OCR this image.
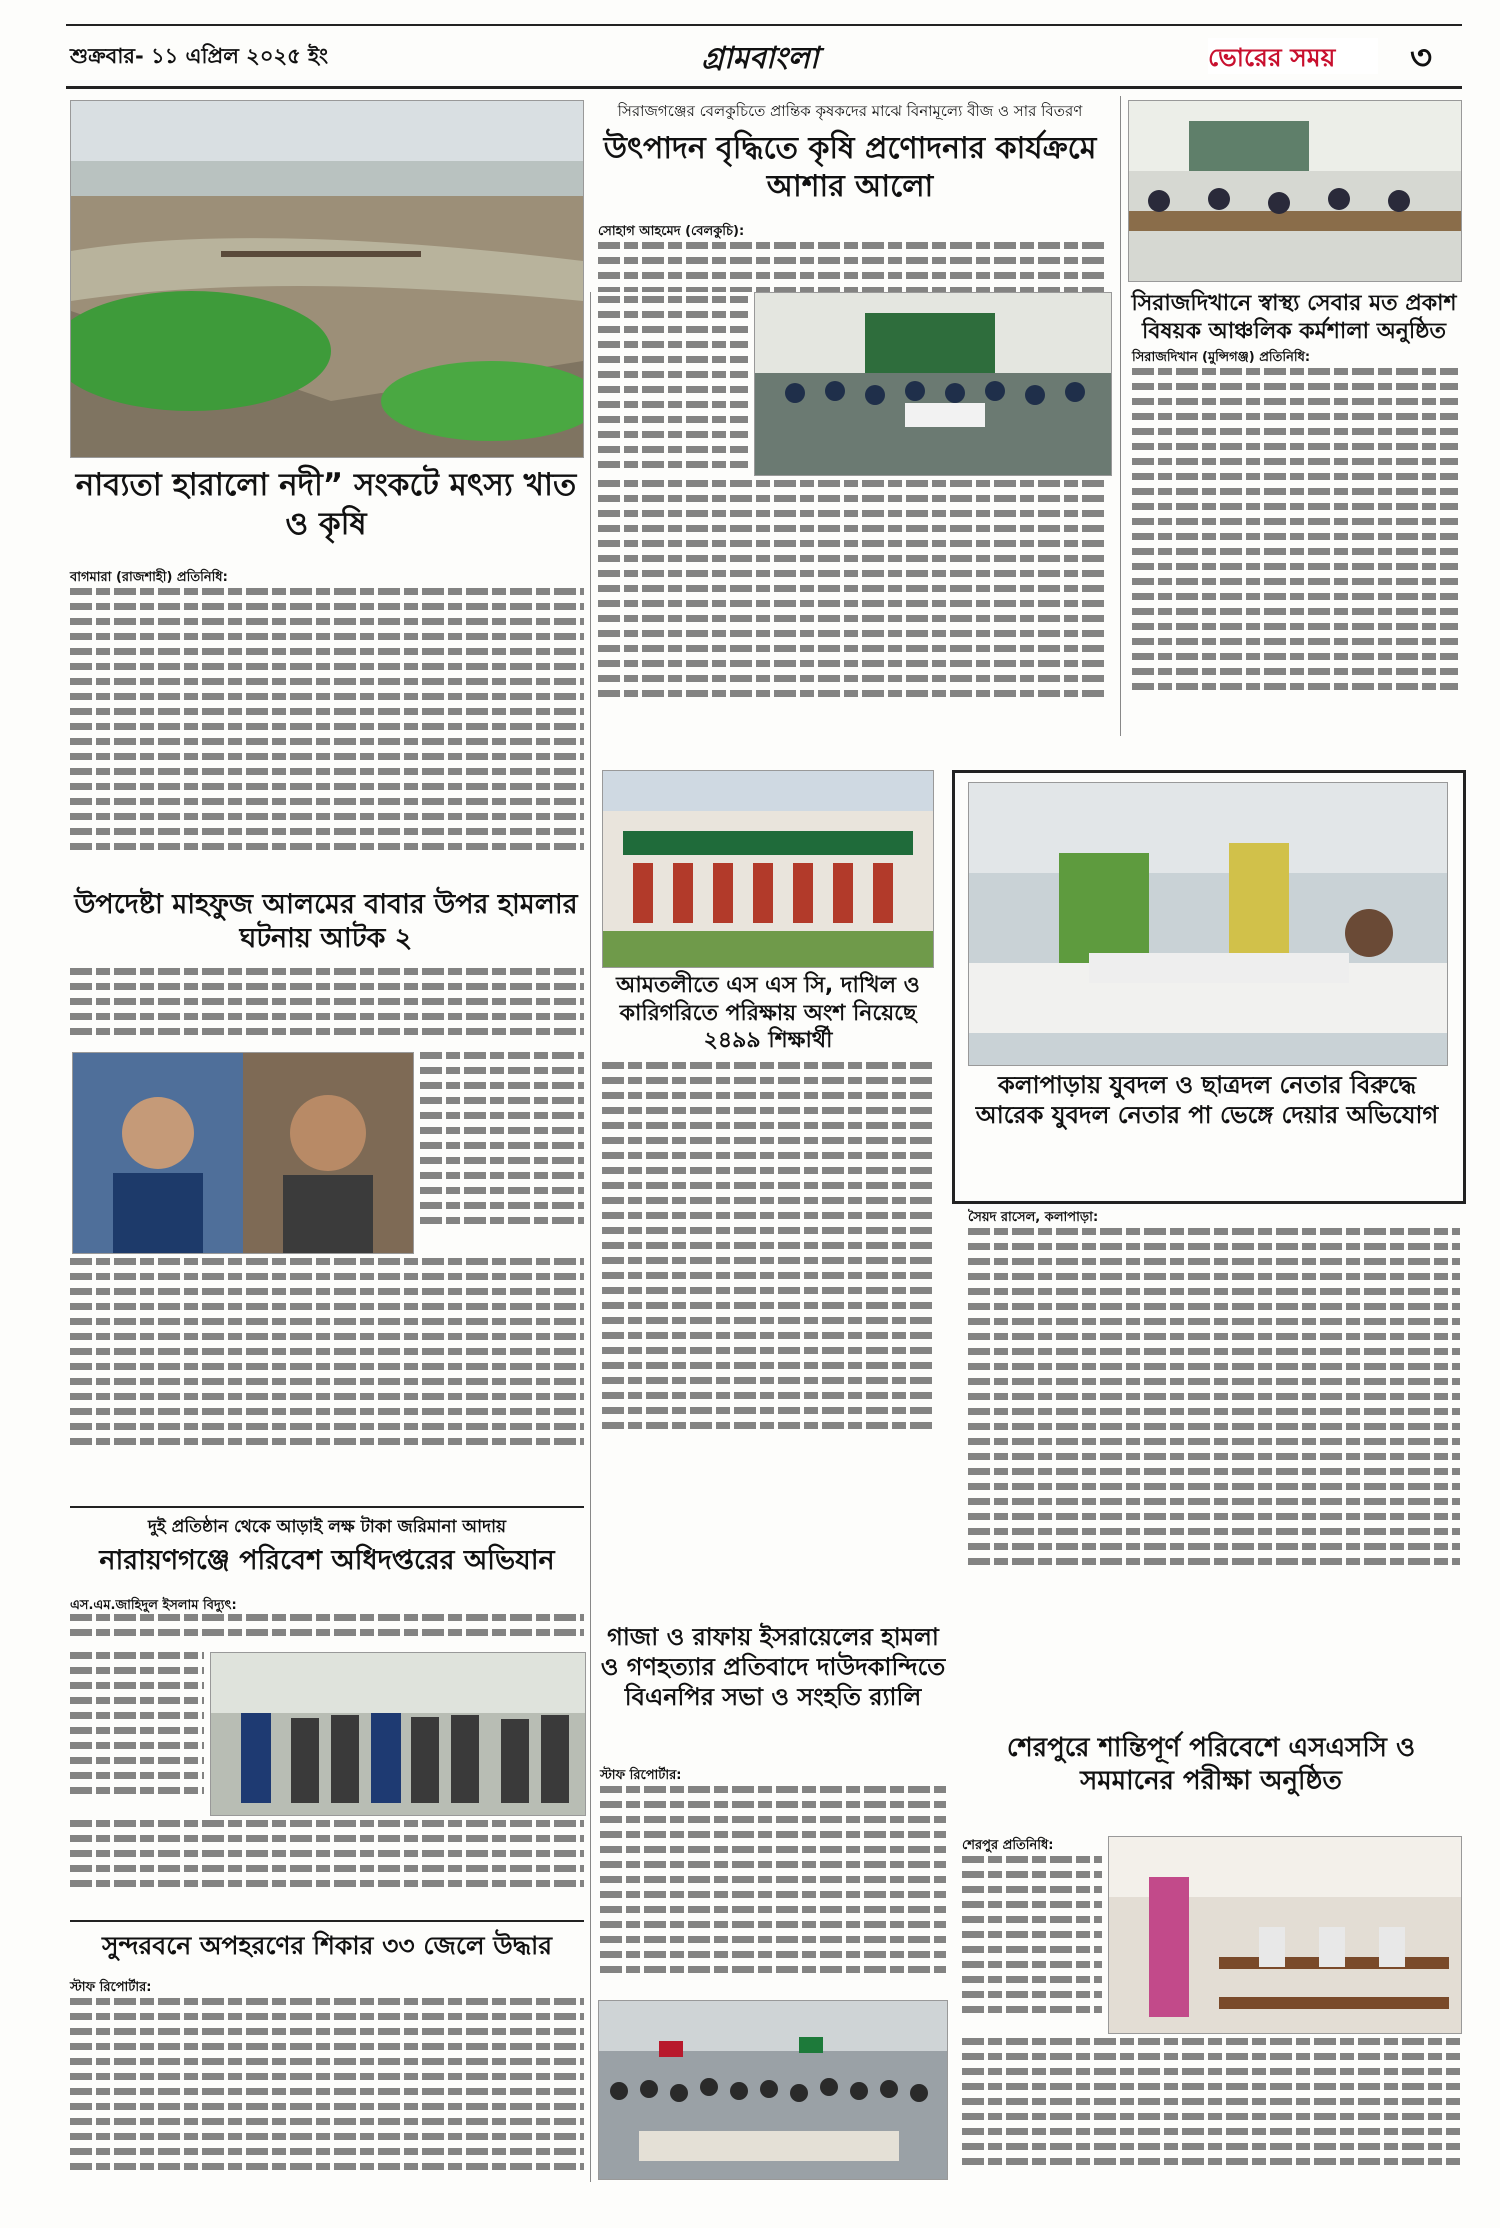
শুক্রবার- ১১ এপ্রিল ২০২৫ ইং	গ্রামবাংলা	ভোরের সময়	৩
সিরাজগঞ্জের বেলকুচিতে প্রান্তিক কৃষকদের মাঝে বিনামূল্যে বীজ ও সার বিতরণ
উৎপাদন বৃদ্ধিতে কৃষি প্রণোদনার কার্যক্রমে আশার আলো
সোহাগ আহমেদ (বেলকুচি):
সিরাজদিখানে স্বাস্থ্য সেবার মত প্রকাশ বিষয়ক আঞ্চলিক কর্মশালা অনুষ্ঠিত
সিরাজদিখান (মুন্সিগঞ্জ) প্রতিনিধি:
নাব্যতা হারালো নদী” সংকটে মৎস্য খাত ও কৃষি
বাগমারা (রাজশাহী) প্রতিনিধি:
উপদেষ্টা মাহফুজ আলমের বাবার উপর হামলার ঘটনায় আটক ২
আমতলীতে এস এস সি, দাখিল ও কারিগরিতে পরিক্ষায় অংশ নিয়েছে ২৪৯৯ শিক্ষার্থী
কলাপাড়ায় যুবদল ও ছাত্রদল নেতার বিরুদ্ধে আরেক যুবদল নেতার পা ভেঙ্গে দেয়ার অভিযোগ
সৈয়দ রাসেল, কলাপাড়া:
দুই প্রতিষ্ঠান থেকে আড়াই লক্ষ টাকা জরিমানা আদায়
নারায়ণগঞ্জে পরিবেশ অধিদপ্তরের অভিযান
এস.এম.জাহিদুল ইসলাম বিদ্যুৎ:
গাজা ও রাফায় ইসরায়েলের হামলা ও গণহত্যার প্রতিবাদে দাউদকান্দিতে বিএনপির সভা ও সংহতি র‍্যালি
স্টাফ রিপোর্টার:
শেরপুরে শান্তিপূর্ণ পরিবেশে এসএসসি ও সমমানের পরীক্ষা অনুষ্ঠিত
শেরপুর প্রতিনিধি:
সুন্দরবনে অপহরণের শিকার ৩৩ জেলে উদ্ধার
স্টাফ রিপোর্টার:
